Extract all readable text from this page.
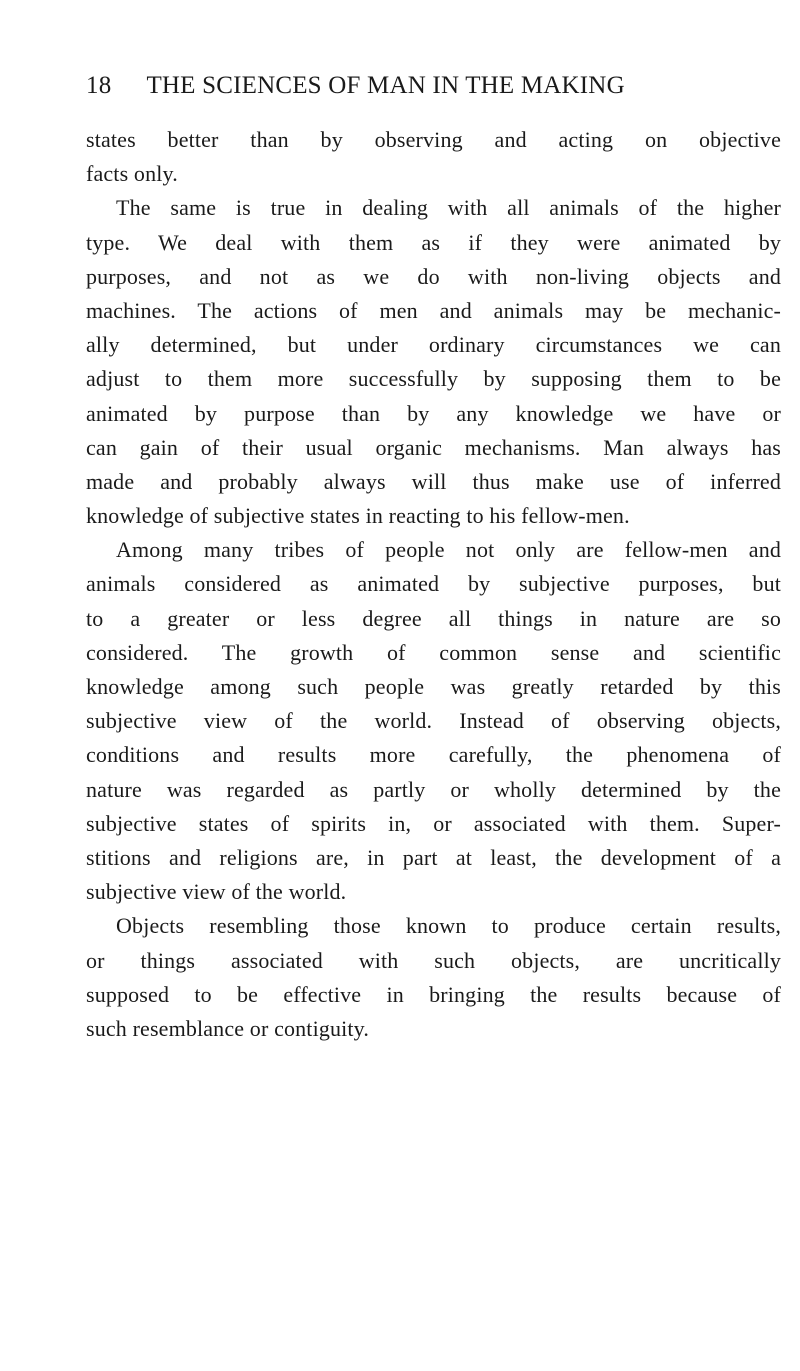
18 THE SCIENCES OF MAN IN THE MAKING
states better than by observing and acting on objective
facts only.
The same is true in dealing with all animals of the higher
type. We deal with them as if they were animated by
purposes, and not as we do with non-living objects and
machines. The actions of men and animals may be mechanic-
ally determined, but under ordinary circumstances we can
adjust to them more successfully by supposing them to be
animated by purpose than by any knowledge we have or
can gain of their usual organic mechanisms. Man always has
made and probably always will thus make use of inferred
knowledge of subjective states in reacting to his fellow-men.
Among many tribes of people not only are fellow-men and
animals considered as animated by subjective purposes, but
to a greater or less degree all things in nature are so
considered. The growth of common sense and scientific
knowledge among such people was greatly retarded by this
subjective view of the world. Instead of observing objects,
conditions and results more carefully, the phenomena of
nature was regarded as partly or wholly determined by the
subjective states of spirits in, or associated with them. Super-
stitions and religions are, in part at least, the development of a
subjective view of the world.
Objects resembling those known to produce certain results,
or things associated with such objects, are uncritically
supposed to be effective in bringing the results because of
such resemblance or contiguity.
